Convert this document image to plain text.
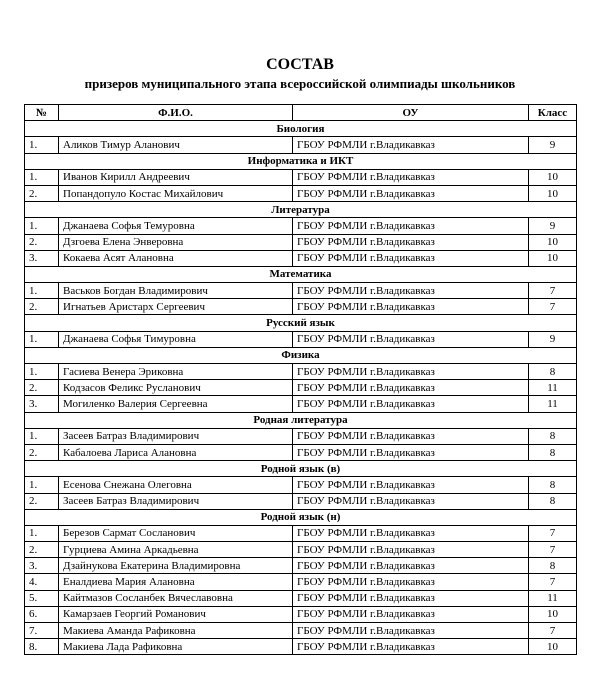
СОСТАВ
призеров муниципального этапа всероссийской олимпиады школьников
№	Ф.И.О.	ОУ	Класс
Биология			
1.	Аликов Тимур Аланович	ГБОУ РФМЛИ г.Владикавказ	9
Информатика и ИКТ			
1.	Иванов Кирилл Андреевич	ГБОУ РФМЛИ г.Владикавказ	10
2.	Попандопуло Костас Михайлович	ГБОУ РФМЛИ г.Владикавказ	10
Литература			
1.	Джанаева Софья Темуровна	ГБОУ РФМЛИ г.Владикавказ	9
2.	Дзгоева Елена Энверовна	ГБОУ РФМЛИ г.Владикавказ	10
3.	Кокаева Асят Алановна	ГБОУ РФМЛИ г.Владикавказ	10
Математика			
1.	Васьков Богдан Владимирович	ГБОУ РФМЛИ г.Владикавказ	7
2.	Игнатьев Аристарх Сергеевич	ГБОУ РФМЛИ г.Владикавказ	7
Русский язык			
1.	Джанаева Софья Тимуровна	ГБОУ РФМЛИ г.Владикавказ	9
Физика			
1.	Гасиева Венера Эриковна	ГБОУ РФМЛИ г.Владикавказ	8
2.	Кодзасов Феликс Русланович	ГБОУ РФМЛИ г.Владикавказ	11
3.	Могиленко Валерия Сергеевна	ГБОУ РФМЛИ г.Владикавказ	11
Родная литература			
1.	Засеев Батраз Владимирович	ГБОУ РФМЛИ г.Владикавказ	8
2.	Кабалоева Лариса Алановна	ГБОУ РФМЛИ г.Владикавказ	8
Родной язык (в)			
1.	Есенова Снежана Олеговна	ГБОУ РФМЛИ г.Владикавказ	8
2.	Засеев Батраз Владимирович	ГБОУ РФМЛИ г.Владикавказ	8
Родной язык (н)			
1.	Березов Сармат Сосланович	ГБОУ РФМЛИ г.Владикавказ	7
2.	Гурциева Амина Аркадьевна	ГБОУ РФМЛИ г.Владикавказ	7
3.	Дзайнукова Екатерина Владимировна	ГБОУ РФМЛИ г.Владикавказ	8
4.	Еналдиева Мария Алановна	ГБОУ РФМЛИ г.Владикавказ	7
5.	Кайтмазов Сосланбек Вячеславовна	ГБОУ РФМЛИ г.Владикавказ	11
6.	Камарзаев Георгий Романович	ГБОУ РФМЛИ г.Владикавказ	10
7.	Макиева Аманда Рафиковна	ГБОУ РФМЛИ г.Владикавказ	7
8.	Макиева Лада Рафиковна	ГБОУ РФМЛИ г.Владикавказ	10
